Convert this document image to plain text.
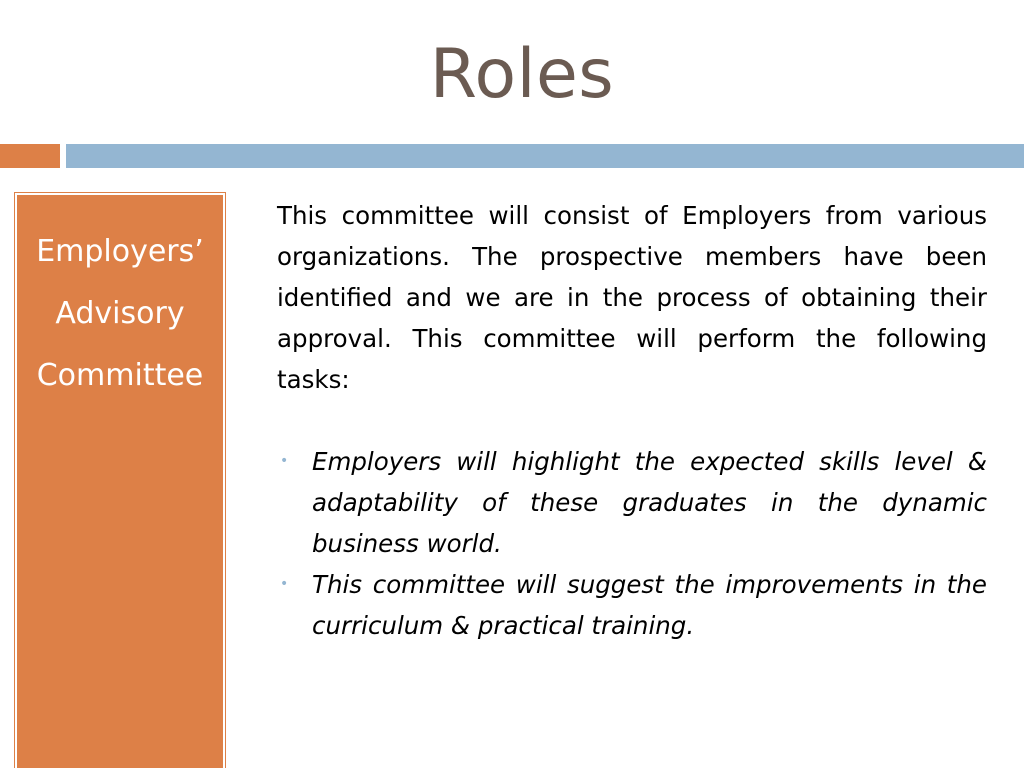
Roles
Employers’
Advisory
Committee

This committee will consist of Employers from various organizations. The prospective members have been identified and we are in the process of obtaining their approval. This committee will perform the following tasks:

• Employers will highlight the expected skills level & adaptability of these graduates in the dynamic business world.
• This committee will suggest the improvements in the curriculum & practical training.
